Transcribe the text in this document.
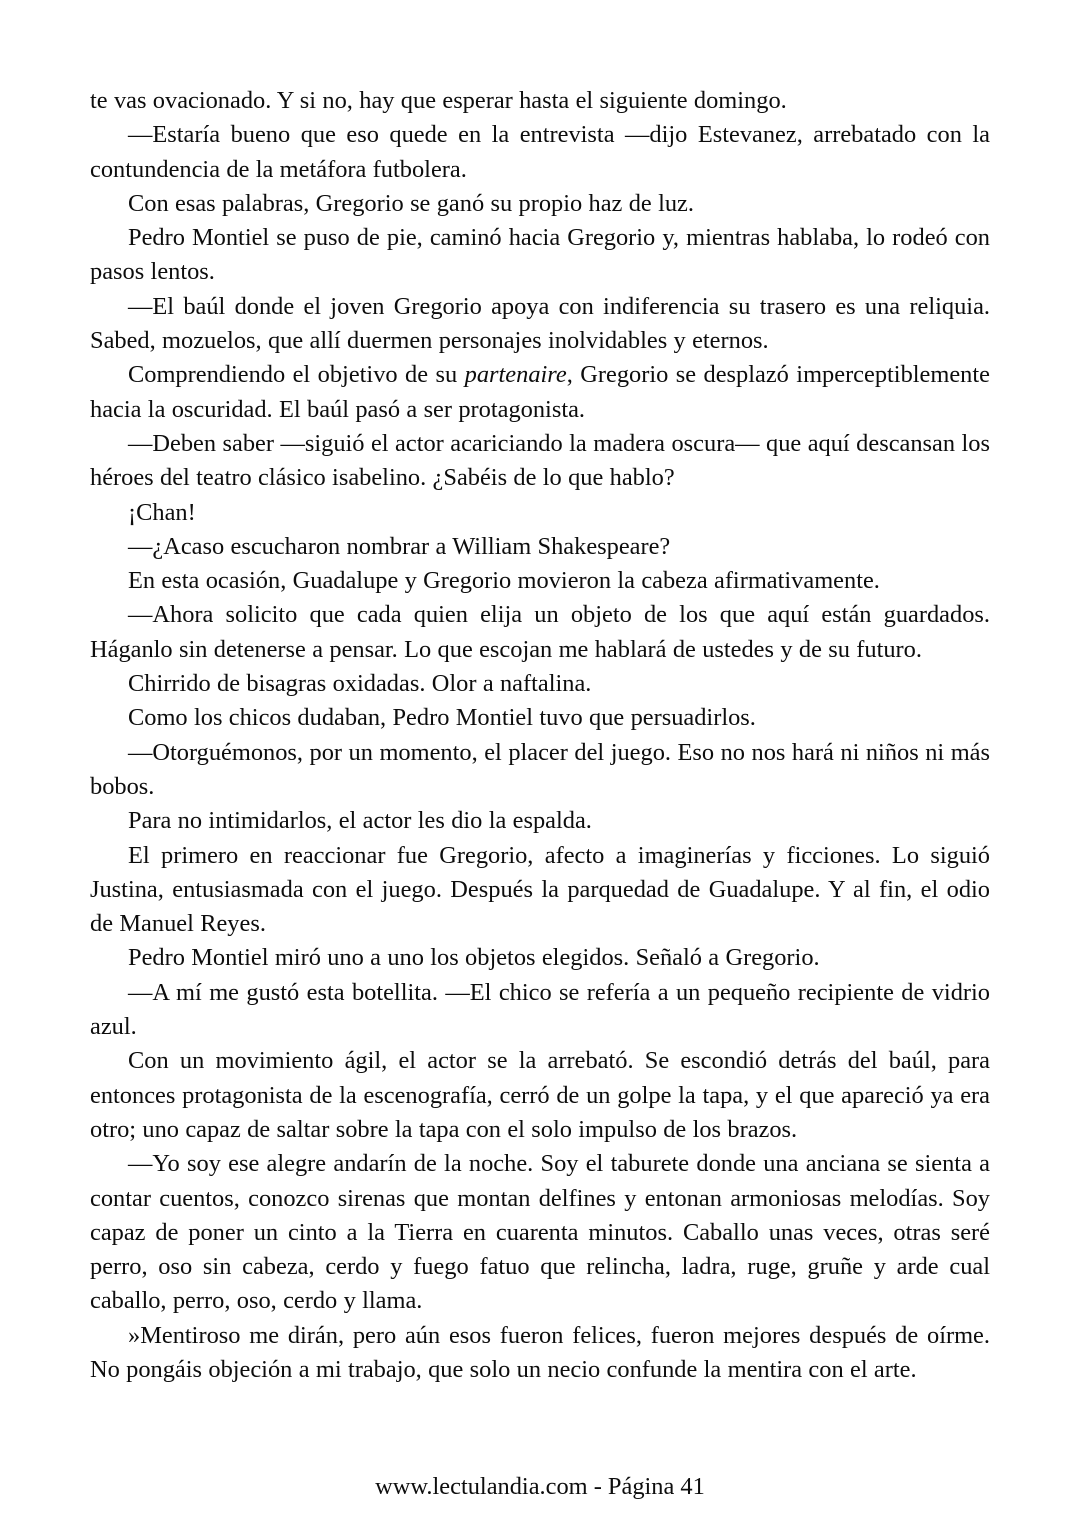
te vas ovacionado. Y si no, hay que esperar hasta el siguiente domingo.

—Estaría bueno que eso quede en la entrevista —dijo Estevanez, arrebatado con la contundencia de la metáfora futbolera.

Con esas palabras, Gregorio se ganó su propio haz de luz.

Pedro Montiel se puso de pie, caminó hacia Gregorio y, mientras hablaba, lo rodeó con pasos lentos.

—El baúl donde el joven Gregorio apoya con indiferencia su trasero es una reliquia. Sabed, mozuelos, que allí duermen personajes inolvidables y eternos.

Comprendiendo el objetivo de su partenaire, Gregorio se desplazó imperceptiblemente hacia la oscuridad. El baúl pasó a ser protagonista.

—Deben saber —siguió el actor acariciando la madera oscura— que aquí descansan los héroes del teatro clásico isabelino. ¿Sabéis de lo que hablo?

¡Chan!

—¿Acaso escucharon nombrar a William Shakespeare?

En esta ocasión, Guadalupe y Gregorio movieron la cabeza afirmativamente.

—Ahora solicito que cada quien elija un objeto de los que aquí están guardados. Háganlo sin detenerse a pensar. Lo que escojan me hablará de ustedes y de su futuro.

Chirrido de bisagras oxidadas. Olor a naftalina.

Como los chicos dudaban, Pedro Montiel tuvo que persuadirlos.

—Otorguémonos, por un momento, el placer del juego. Eso no nos hará ni niños ni más bobos.

Para no intimidarlos, el actor les dio la espalda.

El primero en reaccionar fue Gregorio, afecto a imaginerías y ficciones. Lo siguió Justina, entusiasmada con el juego. Después la parquedad de Guadalupe. Y al fin, el odio de Manuel Reyes.

Pedro Montiel miró uno a uno los objetos elegidos. Señaló a Gregorio.

—A mí me gustó esta botellita. —El chico se refería a un pequeño recipiente de vidrio azul.

Con un movimiento ágil, el actor se la arrebató. Se escondió detrás del baúl, para entonces protagonista de la escenografía, cerró de un golpe la tapa, y el que apareció ya era otro; uno capaz de saltar sobre la tapa con el solo impulso de los brazos.

—Yo soy ese alegre andarín de la noche. Soy el taburete donde una anciana se sienta a contar cuentos, conozco sirenas que montan delfines y entonan armoniosas melodías. Soy capaz de poner un cinto a la Tierra en cuarenta minutos. Caballo unas veces, otras seré perro, oso sin cabeza, cerdo y fuego fatuo que relincha, ladra, ruge, gruñe y arde cual caballo, perro, oso, cerdo y llama.

»Mentiroso me dirán, pero aún esos fueron felices, fueron mejores después de oírme. No pongáis objeción a mi trabajo, que solo un necio confunde la mentira con el arte.

www.lectulandia.com - Página 41
